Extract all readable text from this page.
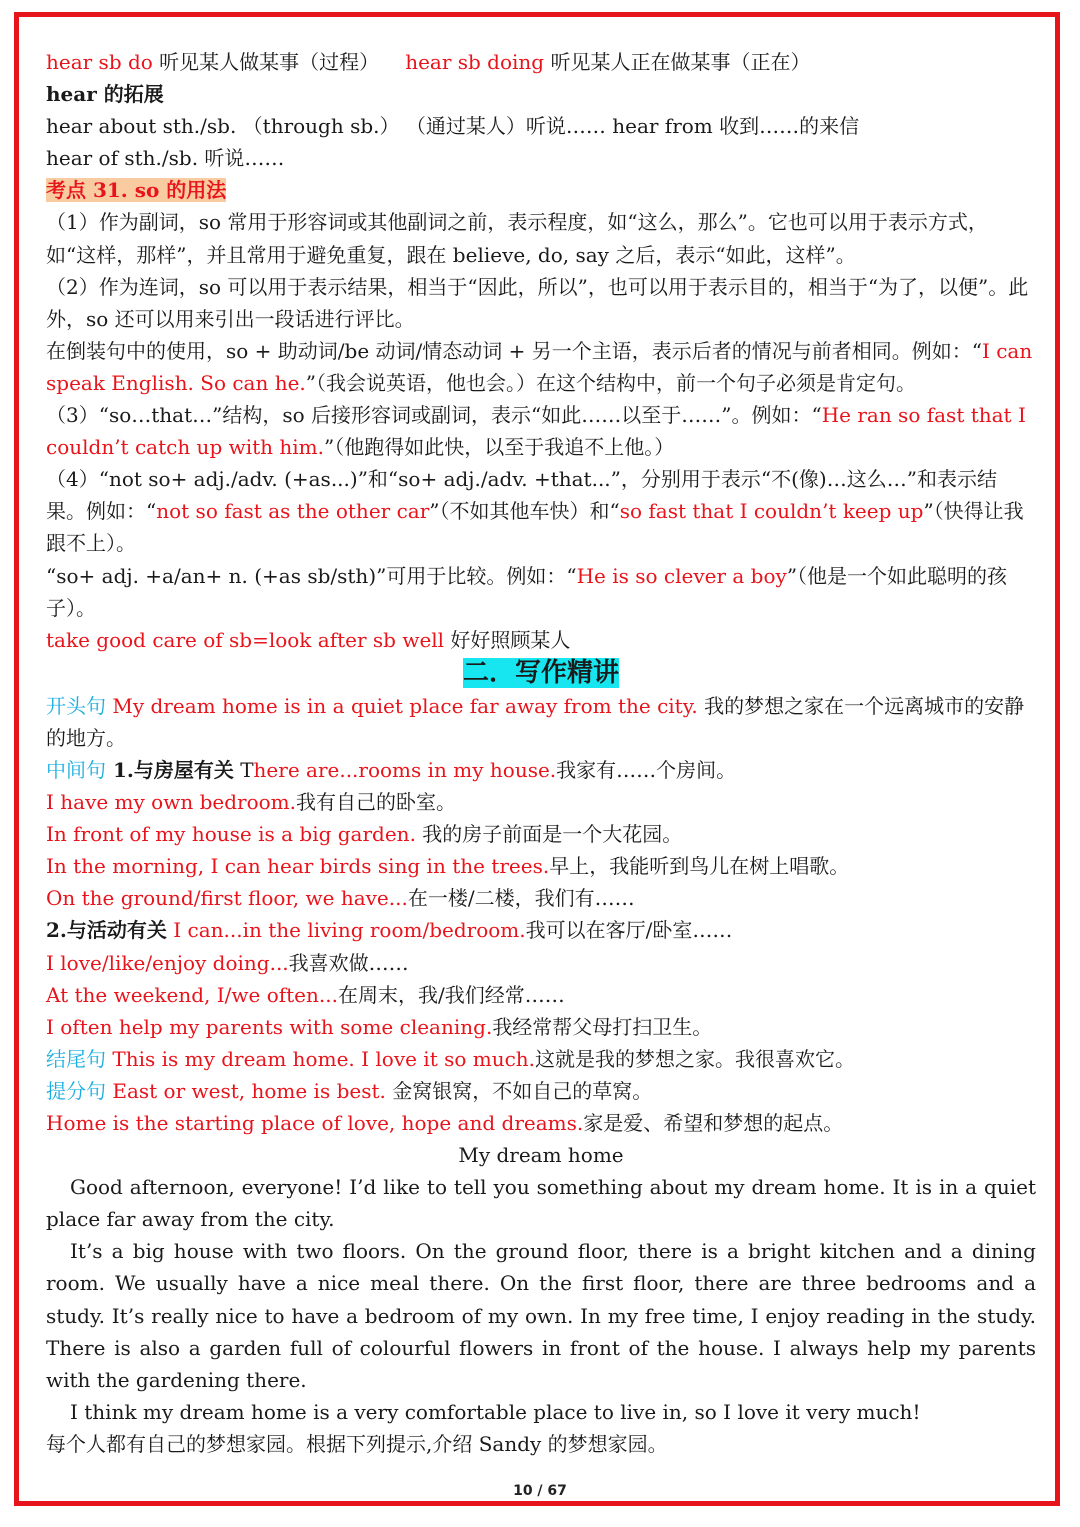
hear sb do 听见某人做某事（过程） hear sb doing 听见某人正在做某事（正在）
hear 的拓展
hear about sth./sb. （through sb.） （通过某人）听说…… hear from 收到……的来信
hear of sth./sb. 听说……
考点 31. so 的用法
（1）作为副词，so 常用于形容词或其他副词之前，表示程度，如“这么，那么”。它也可以用于表示方式，如“这样，那样”，并且常用于避免重复，跟在 believe, do, say 之后，表示“如此，这样”。
（2）作为连词，so 可以用于表示结果，相当于“因此，所以”，也可以用于表示目的，相当于“为了，以便”。此外，so 还可以用来引出一段话进行评比。
在倒装句中的使用，so + 助动词/be 动词/情态动词 + 另一个主语，表示后者的情况与前者相同。例如：“I can speak English. So can he.”（我会说英语，他也会。）在这个结构中，前一个句子必须是肯定句。
（3）“so…that…”结构，so 后接形容词或副词，表示“如此……以至于……”。例如：“He ran so fast that I couldn’t catch up with him.”（他跑得如此快，以至于我追不上他。）
（4）“not so+ adj./adv. (+as...)”和“so+ adj./adv. +that...”，分别用于表示“不(像)…这么…”和表示结果。例如：“not so fast as the other car”（不如其他车快）和“so fast that I couldn’t keep up”（快得让我跟不上）。
“so+ adj. +a/an+ n. (+as sb/sth)”可用于比较。例如：“He is so clever a boy”（他是一个如此聪明的孩子）。
take good care of sb=look after sb well 好好照顾某人
二．写作精讲
开头句 My dream home is in a quiet place far away from the city. 我的梦想之家在一个远离城市的安静的地方。
中间句 1.与房屋有关 There are...rooms in my house.我家有……个房间。
I have my own bedroom.我有自己的卧室。
In front of my house is a big garden. 我的房子前面是一个大花园。
In the morning, I can hear birds sing in the trees.早上，我能听到鸟儿在树上唱歌。
On the ground/first floor, we have...在一楼/二楼，我们有……
2.与活动有关 I can...in the living room/bedroom.我可以在客厅/卧室……
I love/like/enjoy doing...我喜欢做……
At the weekend, I/we often...在周末，我/我们经常……
I often help my parents with some cleaning.我经常帮父母打扫卫生。
结尾句 This is my dream home. I love it so much.这就是我的梦想之家。我很喜欢它。
提分句 East or west, home is best. 金窝银窝，不如自己的草窝。
Home is the starting place of love, hope and dreams.家是爱、希望和梦想的起点。
My dream home
Good afternoon, everyone! I’d like to tell you something about my dream home. It is in a quiet place far away from the city.
It’s a big house with two floors. On the ground floor, there is a bright kitchen and a dining room. We usually have a nice meal there. On the first floor, there are three bedrooms and a study. It’s really nice to have a bedroom of my own. In my free time, I enjoy reading in the study. There is also a garden full of colourful flowers in front of the house. I always help my parents with the gardening there.
I think my dream home is a very comfortable place to live in, so I love it very much!
每个人都有自己的梦想家园。根据下列提示,介绍 Sandy 的梦想家园。
10 / 67
